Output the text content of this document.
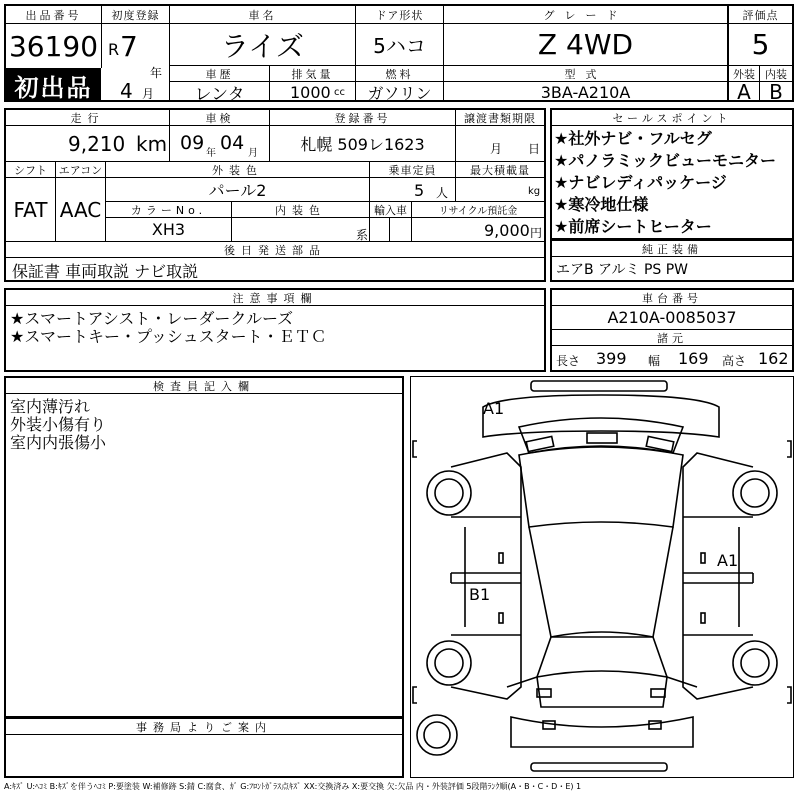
出品番号
36190
初出品
初度登録
R 7
年
4 月
車名
ライズ
ドア形状
5ハコ
グレード
Z 4WD
評価点
5
車歴
レンタ
排気量
1000 cc
燃料
ガソリン
型式
3BA-A210A
外装
A
内装
B
走行
9,210 km
車検
09 年 04 月
登録番号
札幌 509レ1623
譲渡書類期限
月 日
シフト
FAT
エアコン
AAC
外装色
パール2
乗車定員
5 人
最大積載量
kg
カラーNo.
XH3
内装色
系
輸入車	リサイクル預託金
9,000 円
後日発送部品
保証書 車両取説 ナビ取説
セールスポイント
★社外ナビ・フルセグ
★パノラミックビューモニター
★ナビレディパッケージ
★寒冷地仕様
★前席シートヒーター
純正装備
エアB アルミ PS PW
注意事項欄
★スマートアシスト・レーダークルーズ
★スマートキー・プッシュスタート・ＥＴＣ
車台番号
A210A-0085037
諸元
長さ 399 幅 169 高さ 162
検査員記入欄
室内薄汚れ
外装小傷有り
室内内張傷小
事務局よりご案内
A1
A1
B1
A:ｷｽﾞ U:ﾍｺﾐ B:ｷｽﾞを伴うﾍｺﾐ P:要塗装 W:補修跡 S:錆 C:腐食、ｶﾞ G:ﾌﾛﾝﾄｶﾞﾗｽ点ｷｽﾞ XX:交換済み X:要交換 欠:欠品 内・外装評価 5段階ﾗﾝｸ順(A・B・C・D・E) 1
